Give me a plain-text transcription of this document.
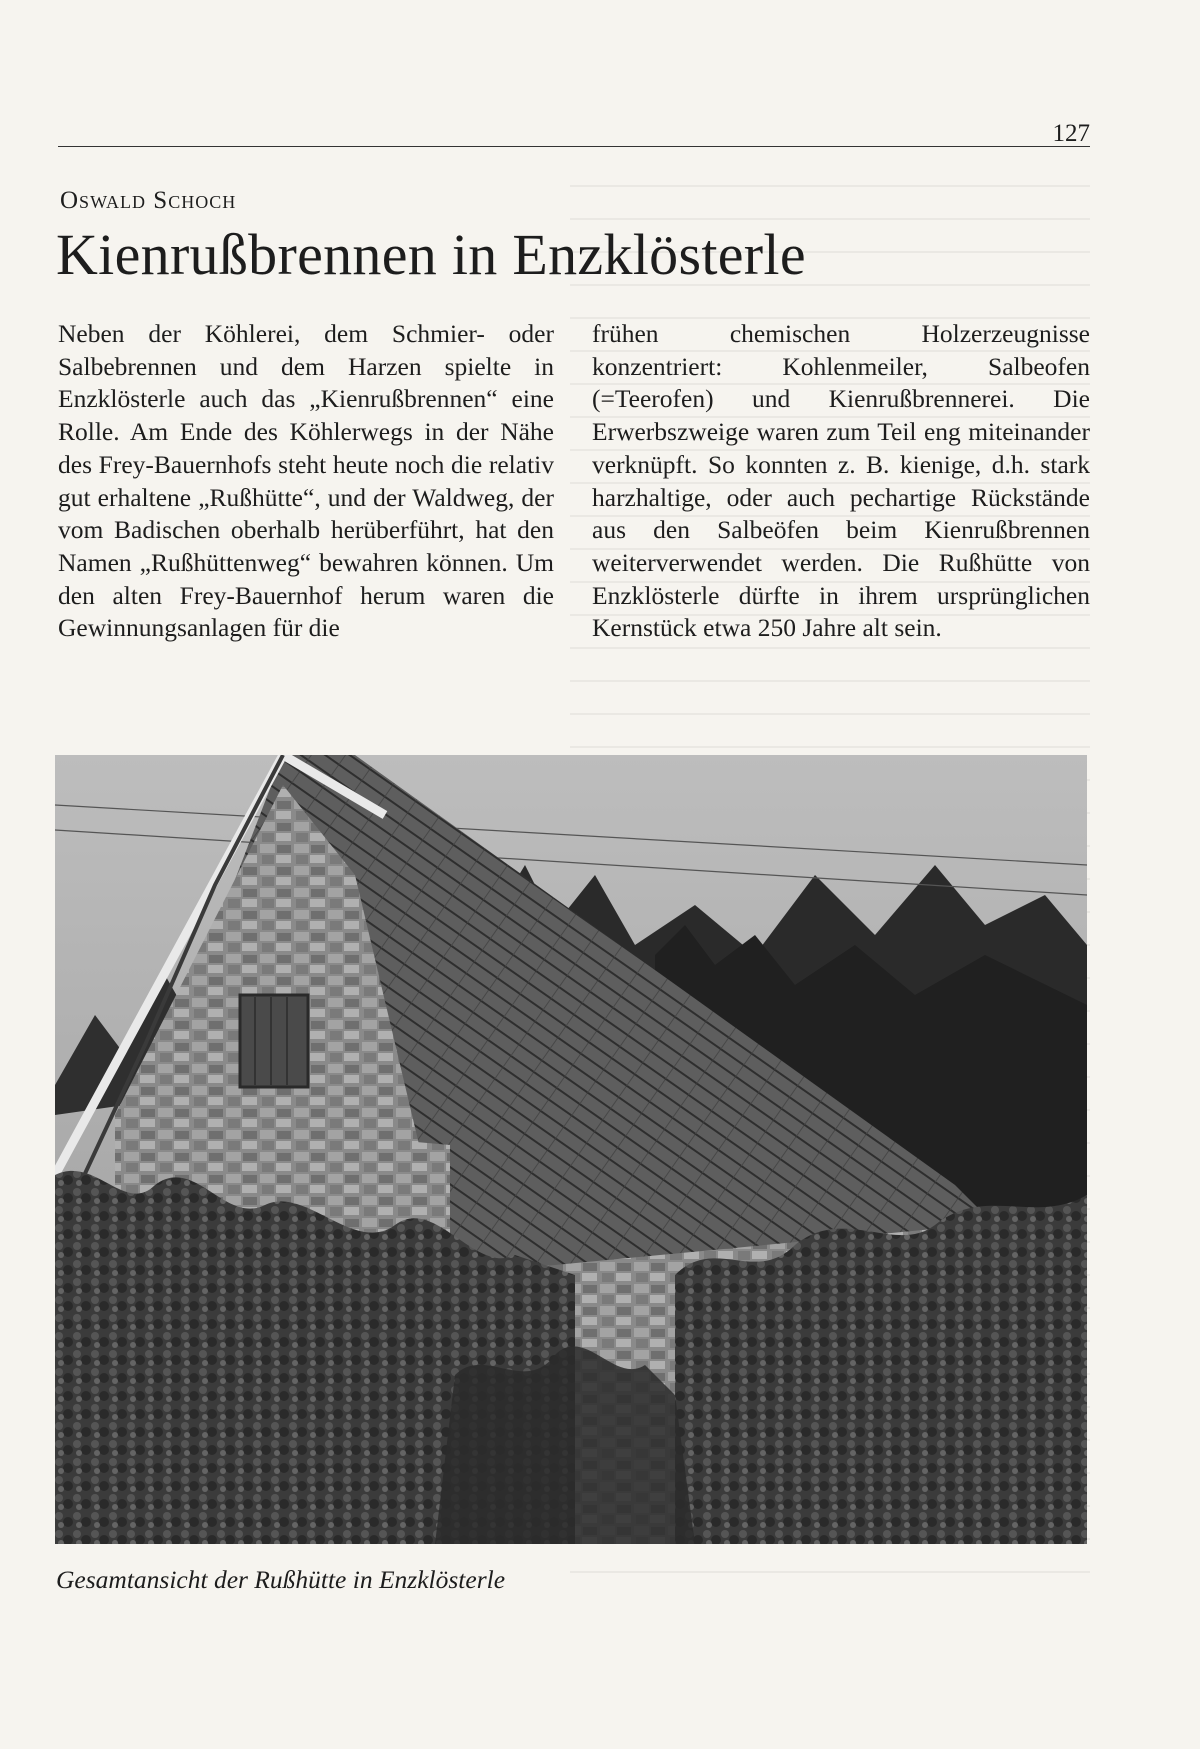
127
Oswald Schoch
Kienrußbrennen in Enzklösterle

Neben der Köhlerei, dem Schmier- oder Salbebrennen und dem Harzen spielte in Enzklösterle auch das „Kienrußbrennen“ eine Rolle. Am Ende des Köhlerwegs in der Nähe des Frey-Bauernhofs steht heute noch die relativ gut erhaltene „Rußhütte“, und der Waldweg, der vom Badischen oberhalb herüberführt, hat den Namen „Rußhüttenweg“ bewahren können. Um den alten Frey-Bauernhof herum waren die Gewinnungsanlagen für die

frühen chemischen Holzerzeugnisse konzentriert: Kohlenmeiler, Salbeofen (=Teerofen) und Kienrußbrennerei. Die Erwerbszweige waren zum Teil eng miteinander verknüpft. So konnten z. B. kienige, d.h. stark harzhaltige, oder auch pechartige Rückstände aus den Salbeöfen beim Kienrußbrennen weiterverwendet werden. Die Rußhütte von Enzklösterle dürfte in ihrem ursprünglichen Kernstück etwa 250 Jahre alt sein.

Gesamtansicht der Rußhütte in Enzklösterle
